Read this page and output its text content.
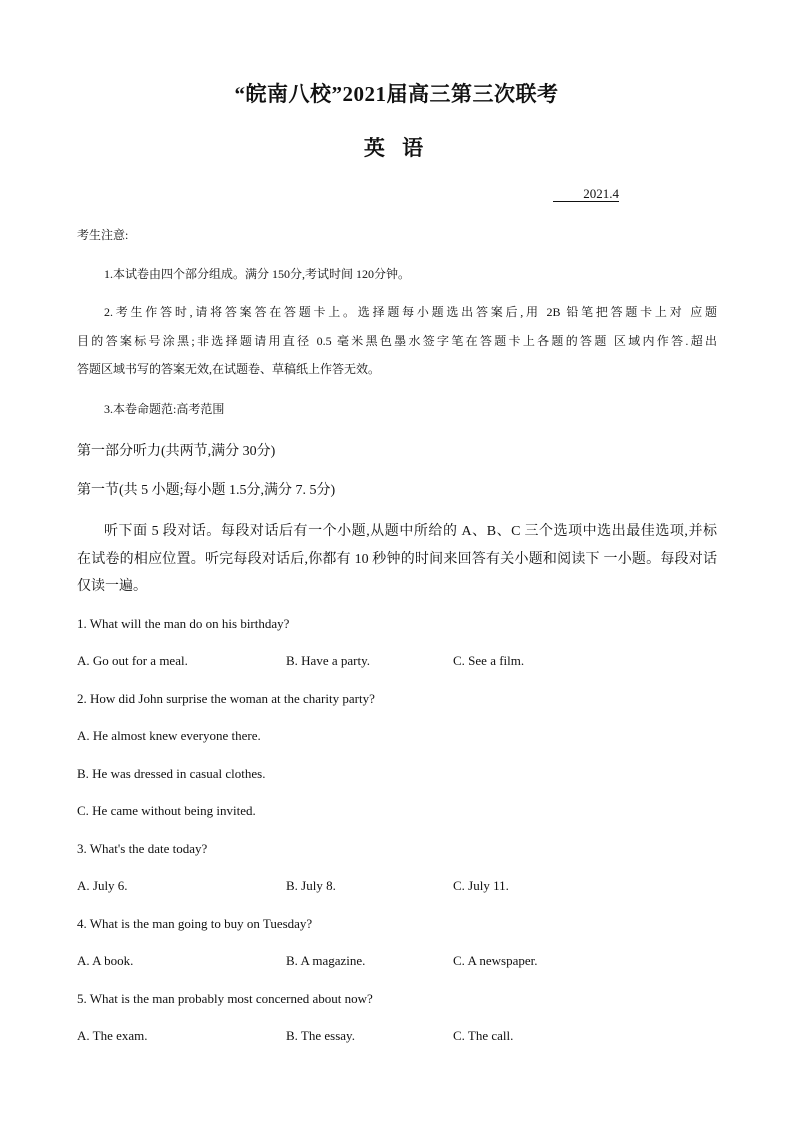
“皖南八校”2021届高三第三次联考
英 语
2021.4
考生注意:
1.本试卷由四个部分组成。满分 150分,考试时间 120分钟。
2.考生作答时,请将答案答在答题卡上。选择题每小题选出答案后,用 2B 铅笔把答题卡上对 应题
目的答案标号涂黑;非选择题请用直径 0.5 毫米黑色墨水签字笔在答题卡上各题的答题 区域内作答.超出
答题区域书写的答案无效,在试题卷、草稿纸上作答无效。
3.本卷命题范:高考范围
第一部分听力(共两节,满分 30分)
第一节(共 5 小题;每小题 1.5分,满分 7. 5分)
听下面 5 段对话。每段对话后有一个小题,从题中所给的 A、B、C 三个选项中选出最佳选项,并标
在试卷的相应位置。听完每段对话后,你都有 10 秒钟的时间来回答有关小题和阅读下 一小题。每段对话
仅读一遍。
1. What will the man do on his birthday?
A. Go out for a meal.	B. Have a party.	C. See a film.
2. How did John surprise the woman at the charity party?
A. He almost knew everyone there.
B. He was dressed in casual clothes.
C. He came without being invited.
3. What's the date today?
A. July 6.	B. July 8.	C. July 11.
4. What is the man going to buy on Tuesday?
A. A book.	B. A magazine.	C. A newspaper.
5. What is the man probably most concerned about now?
A. The exam.	B. The essay.	C. The call.
